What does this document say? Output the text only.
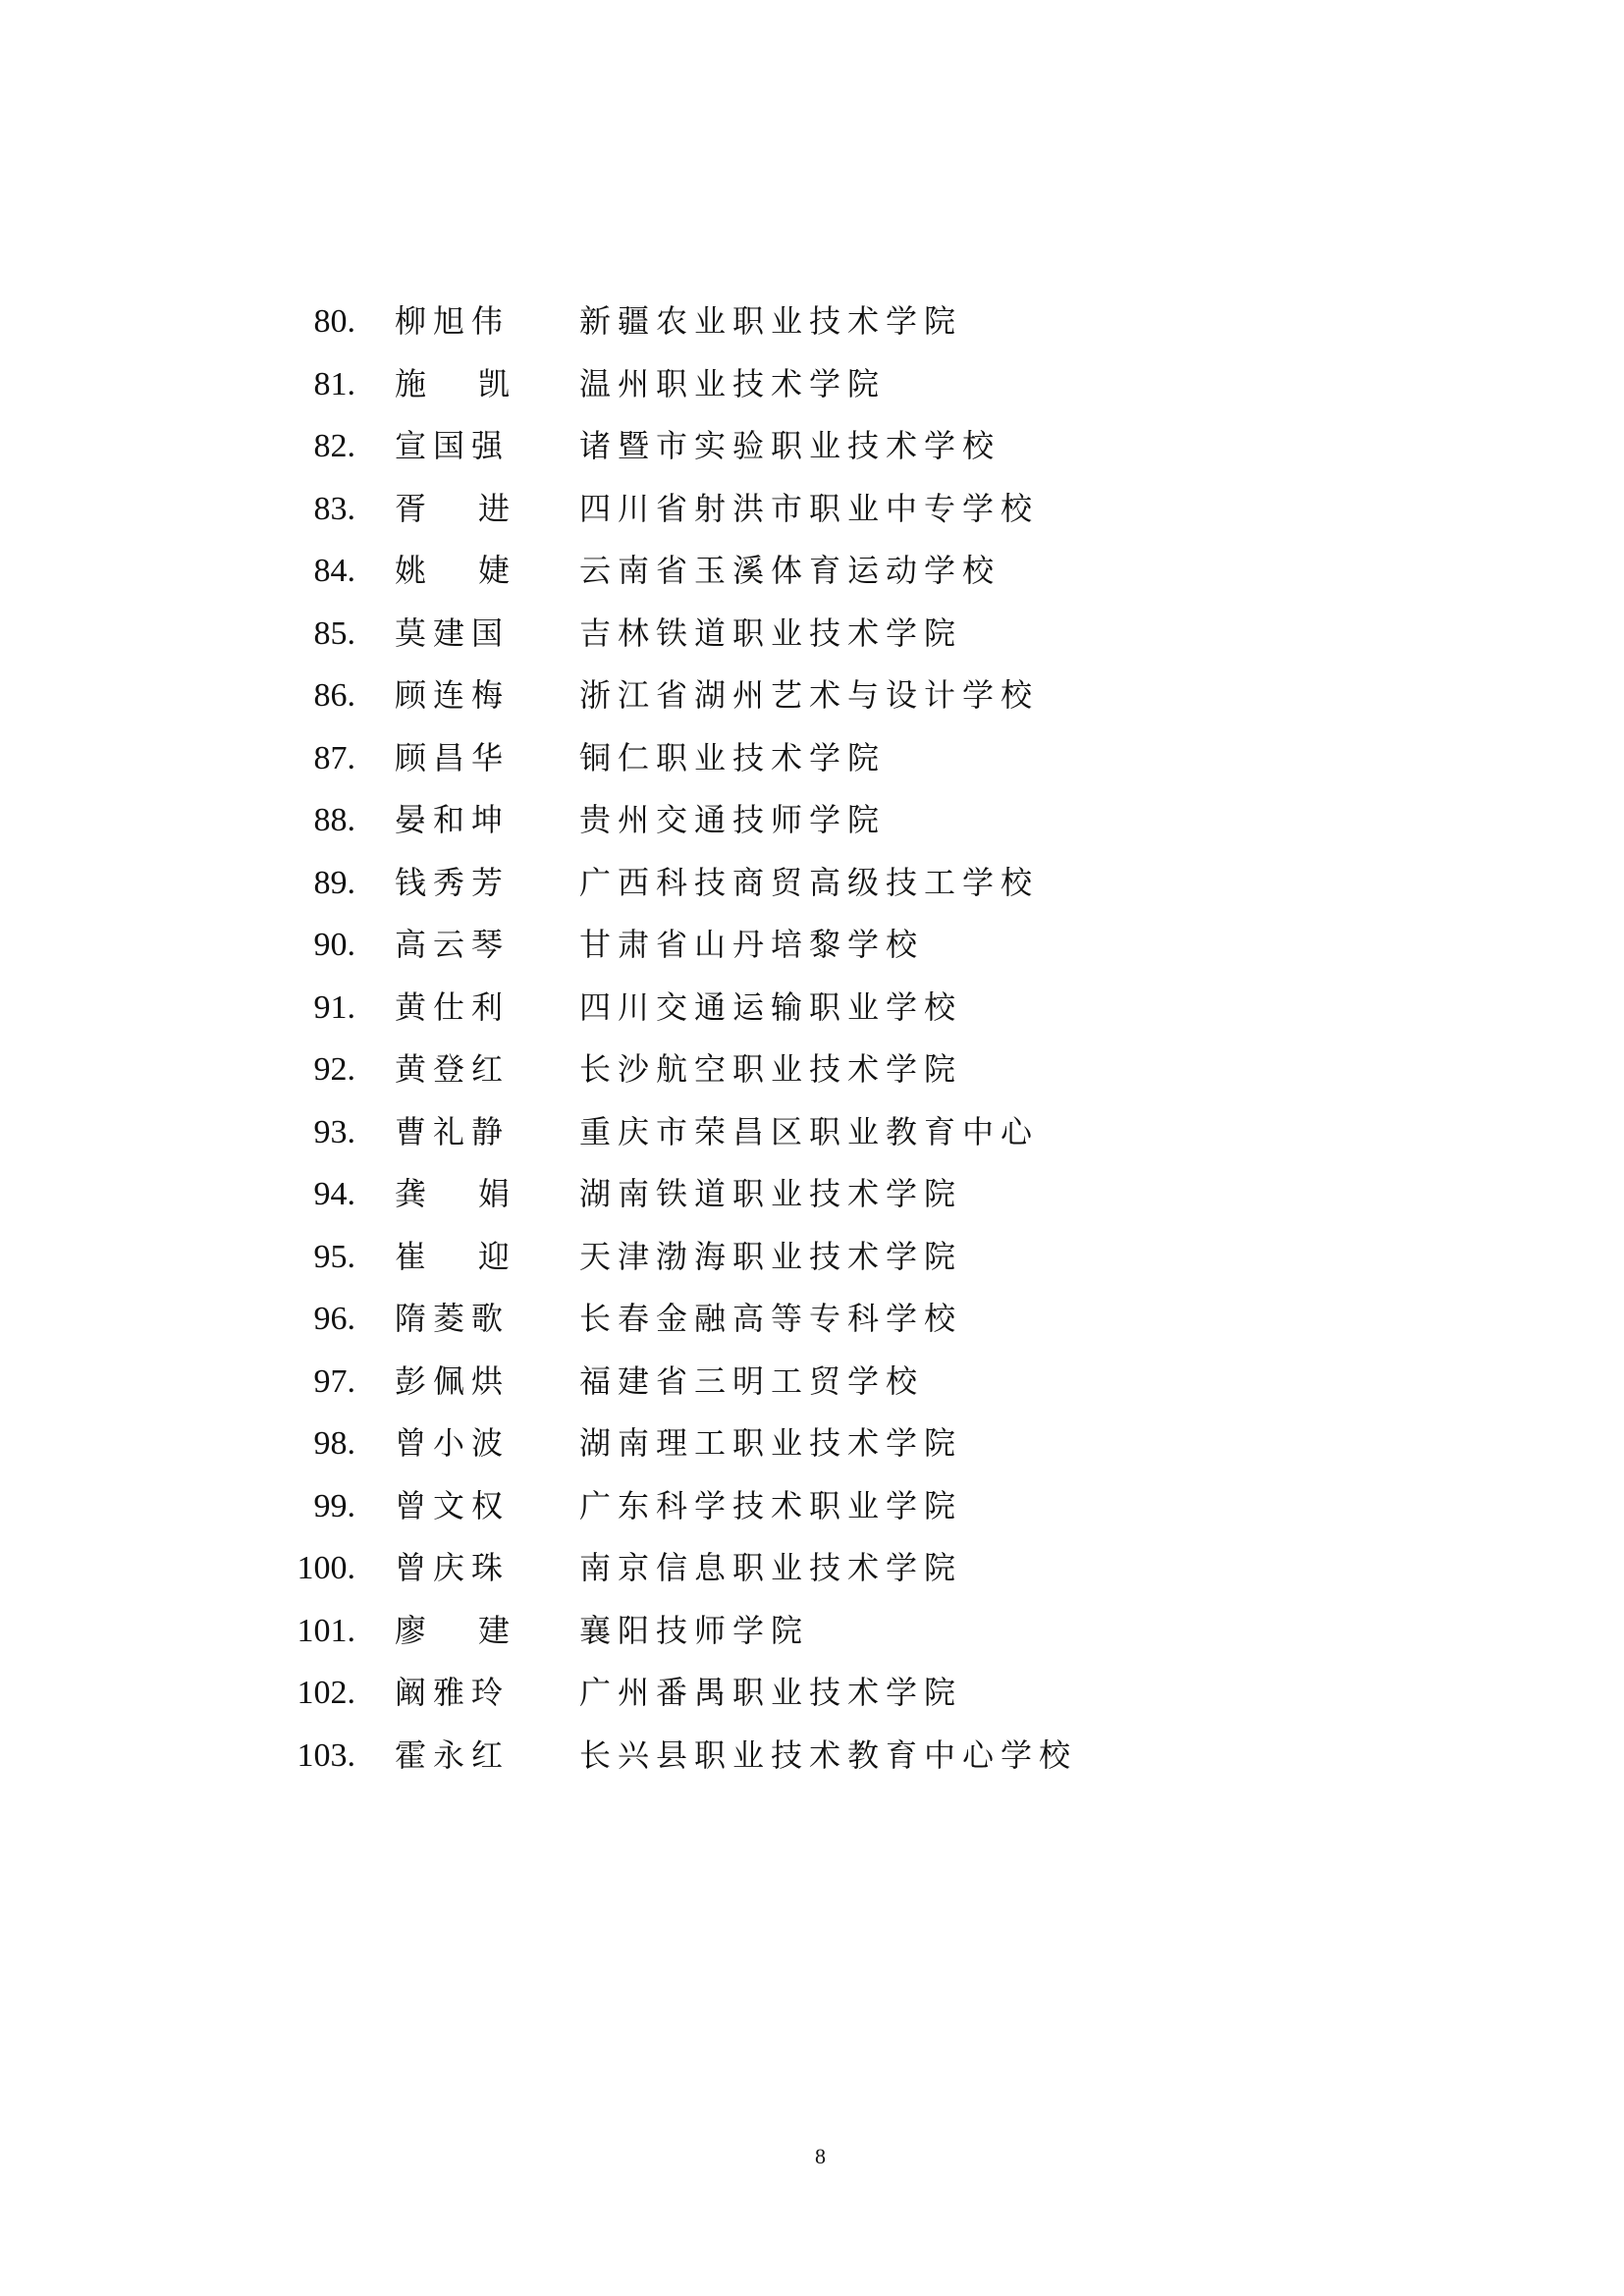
80. 柳旭伟 新疆农业职业技术学院
81. 施 凯 温州职业技术学院
82. 宣国强 诸暨市实验职业技术学校
83. 胥 进 四川省射洪市职业中专学校
84. 姚 婕 云南省玉溪体育运动学校
85. 莫建国 吉林铁道职业技术学院
86. 顾连梅 浙江省湖州艺术与设计学校
87. 顾昌华 铜仁职业技术学院
88. 晏和坤 贵州交通技师学院
89. 钱秀芳 广西科技商贸高级技工学校
90. 高云琴 甘肃省山丹培黎学校
91. 黄仕利 四川交通运输职业学校
92. 黄登红 长沙航空职业技术学院
93. 曹礼静 重庆市荣昌区职业教育中心
94. 龚 娟 湖南铁道职业技术学院
95. 崔 迎 天津渤海职业技术学院
96. 隋菱歌 长春金融高等专科学校
97. 彭佩烘 福建省三明工贸学校
98. 曾小波 湖南理工职业技术学院
99. 曾文权 广东科学技术职业学院
100. 曾庆珠 南京信息职业技术学院
101. 廖 建 襄阳技师学院
102. 阚雅玲 广州番禺职业技术学院
103. 霍永红 长兴县职业技术教育中心学校
8
